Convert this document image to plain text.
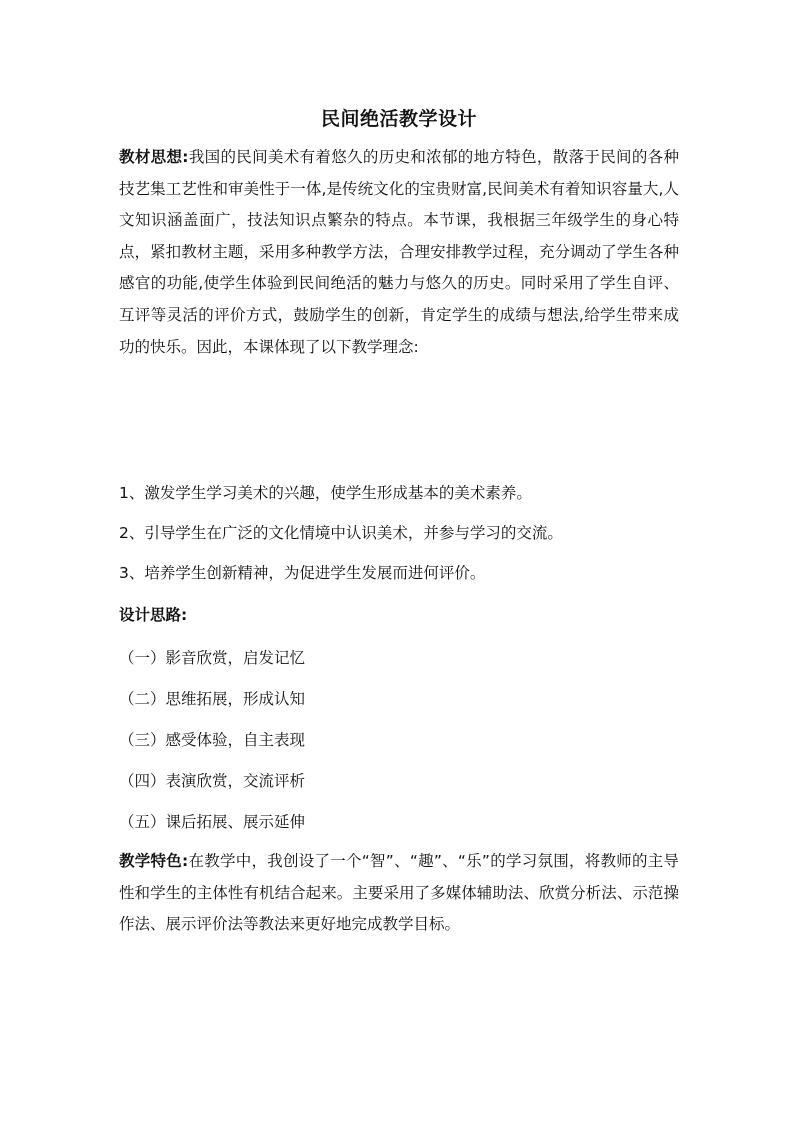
民间绝活教学设计
教材思想:我国的民间美术有着悠久的历史和浓郁的地方特色，散落于民间的各种技艺集工艺性和审美性于一体,是传统文化的宝贵财富,民间美术有着知识容量大,人文知识涵盖面广，技法知识点繁杂的特点。本节课，我根据三年级学生的身心特点，紧扣教材主题，采用多种教学方法，合理安排教学过程，充分调动了学生各种感官的功能,使学生体验到民间绝活的魅力与悠久的历史。同时采用了学生自评、互评等灵活的评价方式，鼓励学生的创新，肯定学生的成绩与想法,给学生带来成功的快乐。因此，本课体现了以下教学理念:
1、激发学生学习美术的兴趣，使学生形成基本的美术素养。
2、引导学生在广泛的文化情境中认识美术，并参与学习的交流。
3、培养学生创新精神，为促进学生发展而进何评价。
设计思路:
（一）影音欣赏，启发记忆
（二）思维拓展，形成认知
（三）感受体验，自主表现
（四）表演欣赏，交流评析
（五）课后拓展、展示延伸
教学特色:在教学中，我创设了一个“智”、“趣”、“乐”的学习氛围，将教师的主导性和学生的主体性有机结合起来。主要采用了多媒体辅助法、欣赏分析法、示范操作法、展示评价法等教法来更好地完成教学目标。
